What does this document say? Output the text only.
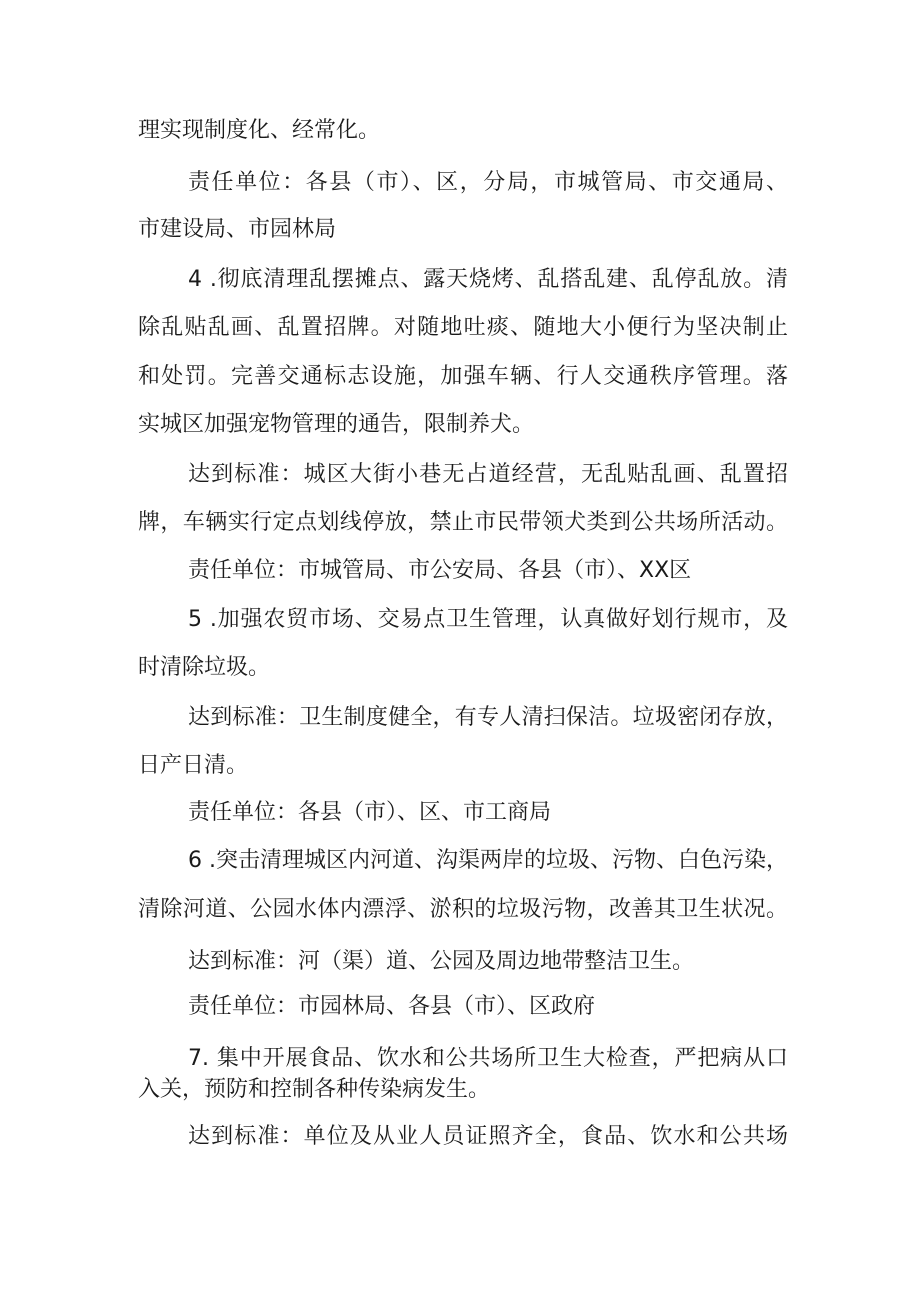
理实现制度化、经常化。
责任单位：各县（市）、区，分局，市城管局、市交通局、
市建设局、市园林局
4 .彻底清理乱摆摊点、露天烧烤、乱搭乱建、乱停乱放。清
除乱贴乱画、乱置招牌。对随地吐痰、随地大小便行为坚决制止
和处罚。完善交通标志设施，加强车辆、行人交通秩序管理。落
实城区加强宠物管理的通告，限制养犬。
达到标准：城区大街小巷无占道经营，无乱贴乱画、乱置招
牌，车辆实行定点划线停放，禁止市民带领犬类到公共场所活动。
责任单位：市城管局、市公安局、各县（市）、XX区
5 .加强农贸市场、交易点卫生管理，认真做好划行规市，及
时清除垃圾。
达到标准：卫生制度健全，有专人清扫保洁。垃圾密闭存放，
日产日清。
责任单位：各县（市）、区、市工商局
6 .突击清理城区内河道、沟渠两岸的垃圾、污物、白色污染，
清除河道、公园水体内漂浮、淤积的垃圾污物，改善其卫生状况。
达到标准：河（渠）道、公园及周边地带整洁卫生。
责任单位：市园林局、各县（市）、区政府
7. 集中开展食品、饮水和公共场所卫生大检查，严把病从口
入关，预防和控制各种传染病发生。
达到标准：单位及从业人员证照齐全，食品、饮水和公共场
